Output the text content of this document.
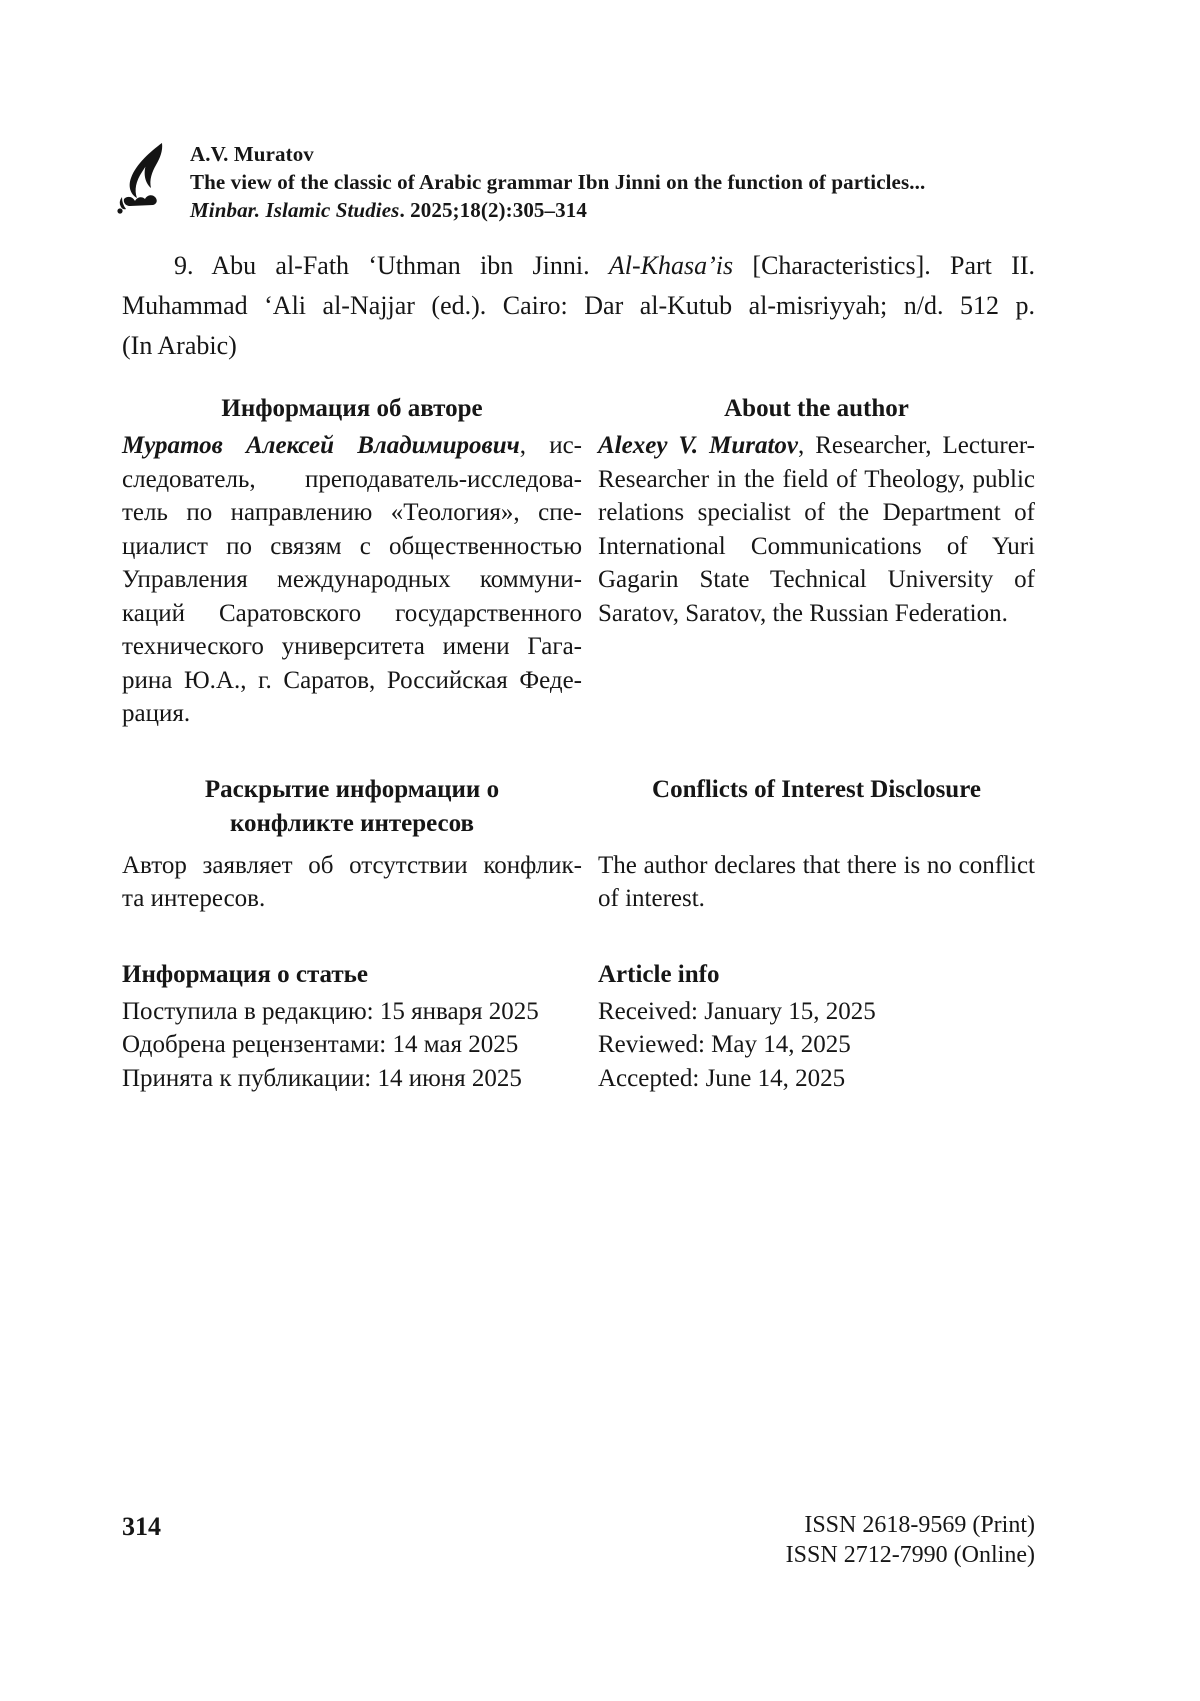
A.V. Muratov
The view of the classic of Arabic grammar Ibn Jinni on the function of particles...
Minbar. Islamic Studies. 2025;18(2):305–314
9. Abu al-Fath ‘Uthman ibn Jinni. Al-Khasa’is [Characteristics]. Part II.
Muhammad ‘Ali al-Najjar (ed.). Cairo: Dar al-Kutub al-misriyyah; n/d. 512 p.
(In Arabic)
Информация об авторе
Муратов Алексей Владимирович, ис-
следователь, преподаватель-исследова-
тель по направлению «Теология», спе-
циалист по связям с общественностью
Управления международных коммуни-
каций Саратовского государственного
технического университета имени Гага-
рина Ю.А., г. Саратов, Российская Феде-
рация.
About the author
Alexey V. Muratov, Researcher, Lecturer-
Researcher in the field of Theology, public
relations specialist of the Department of
International Communications of Yuri
Gagarin State Technical University of
Saratov, Saratov, the Russian Federation.
Раскрытие информации о
конфликте интересов
Автор заявляет об отсутствии конфлик-
та интересов.
Conflicts of Interest Disclosure
The author declares that there is no conflict
of interest.
Информация о статье
Поступила в редакцию: 15 января 2025
Одобрена рецензентами: 14 мая 2025
Принята к публикации: 14 июня 2025
Article info
Received: January 15, 2025
Reviewed: May 14, 2025
Accepted: June 14, 2025
314	ISSN 2618-9569 (Print)
ISSN 2712-7990 (Online)
